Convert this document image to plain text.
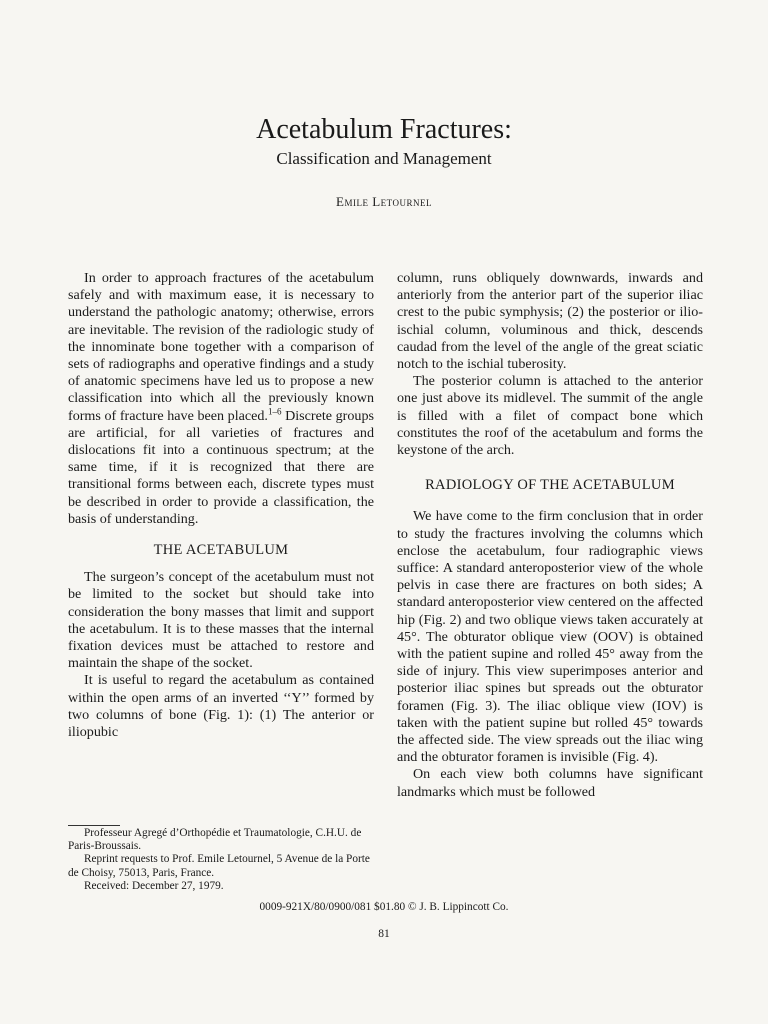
Acetabulum Fractures:
Classification and Management
Emile Letournel

In order to approach fractures of the acetabulum safely and with maximum ease, it is necessary to understand the pathologic anatomy; otherwise, errors are inevitable. The revision of the radiologic study of the innominate bone together with a comparison of sets of radiographs and operative findings and a study of anatomic specimens have led us to propose a new classification into which all the previously known forms of fracture have been placed.$^{1-6}$ Discrete groups are artificial, for all varieties of fractures and dislocations fit into a continuous spectrum; at the same time, if it is recognized that there are transitional forms between each, discrete types must be described in order to provide a classification, the basis of understanding.

THE ACETABULUM

The surgeon’s concept of the acetabulum must not be limited to the socket but should take into consideration the bony masses that limit and support the acetabulum. It is to these masses that the internal fixation devices must be attached to restore and maintain the shape of the socket.

It is useful to regard the acetabulum as contained within the open arms of an inverted ‘‘Y’’ formed by two columns of bone (Fig. 1): (1) The anterior or iliopubic

column, runs obliquely downwards, inwards and anteriorly from the anterior part of the superior iliac crest to the pubic symphysis; (2) the posterior or ilio-ischial column, voluminous and thick, descends caudad from the level of the angle of the great sciatic notch to the ischial tuberosity.

The posterior column is attached to the anterior one just above its midlevel. The summit of the angle is filled with a filet of compact bone which constitutes the roof of the acetabulum and forms the keystone of the arch.

RADIOLOGY OF THE ACETABULUM

We have come to the firm conclusion that in order to study the fractures involving the columns which enclose the acetabulum, four radiographic views suffice: A standard anteroposterior view of the whole pelvis in case there are fractures on both sides; A standard anteroposterior view centered on the affected hip (Fig. 2) and two oblique views taken accurately at 45°. The obturator oblique view (OOV) is obtained with the patient supine and rolled 45° away from the side of injury. This view superimposes anterior and posterior iliac spines but spreads out the obturator foramen (Fig. 3). The iliac oblique view (IOV) is taken with the patient supine but rolled 45° towards the affected side. The view spreads out the iliac wing and the obturator foramen is invisible (Fig. 4).

On each view both columns have significant landmarks which must be followed

Professeur Agregé d’Orthopédie et Traumatologie, C.H.U. de Paris-Broussais.

Reprint requests to Prof. Emile Letournel, 5 Avenue de la Porte de Choisy, 75013, Paris, France.

Received: December 27, 1979.

0009-921X/80/0900/081 $01.80 © J. B. Lippincott Co.
81
